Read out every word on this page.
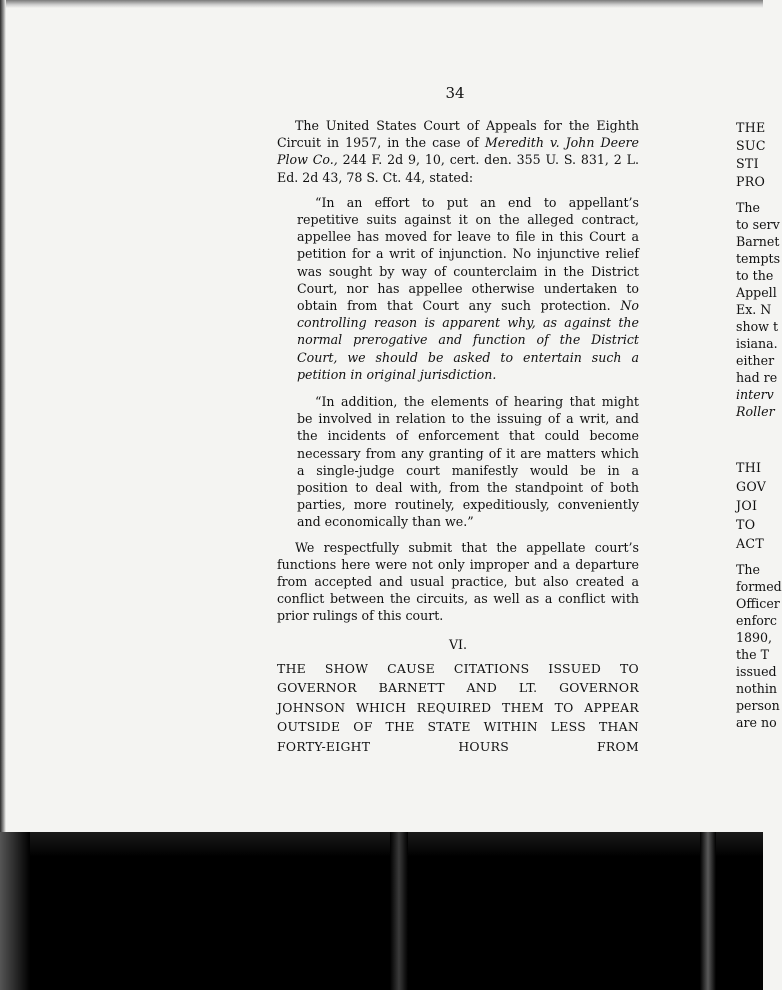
34

The United States Court of Appeals for the Eighth Circuit in 1957, in the case of Meredith v. John Deere Plow Co., 244 F. 2d 9, 10, cert. den. 355 U. S. 831, 2 L. Ed. 2d 43, 78 S. Ct. 44, stated:

“In an effort to put an end to appellant’s repetitive suits against it on the alleged contract, appellee has moved for leave to file in this Court a petition for a writ of injunction. No injunctive relief was sought by way of counterclaim in the District Court, nor has appellee otherwise undertaken to obtain from that Court any such protection. No controlling reason is apparent why, as against the normal prerogative and function of the District Court, we should be asked to entertain such a petition in original jurisdiction.

“In addition, the elements of hearing that might be involved in relation to the issuing of a writ, and the incidents of enforcement that could become necessary from any granting of it are matters which a single-judge court manifestly would be in a position to deal with, from the standpoint of both parties, more routinely, expeditiously, conveniently and economically than we.”

We respectfully submit that the appellate court’s functions here were not only improper and a departure from accepted and usual practice, but also created a conflict between the circuits, as well as a conflict with prior rulings of this court.

VI.
THE SHOW CAUSE CITATIONS ISSUED TO GOVERNOR BARNETT AND LT. GOVERNOR JOHNSON WHICH REQUIRED THEM TO APPEAR OUTSIDE OF THE STATE WITHIN LESS THAN FORTY-EIGHT HOURS FROM
THE
SUC
STI
PRO
The
to serv
Barnet
tempts
to the
Appell
Ex. N
show t
isiana.
either
had re
interv
Roller
THI
GOV
JOI
TO
ACT
The
formed
Officer
enforc
1890,
the T
issued
nothin
person
are no
